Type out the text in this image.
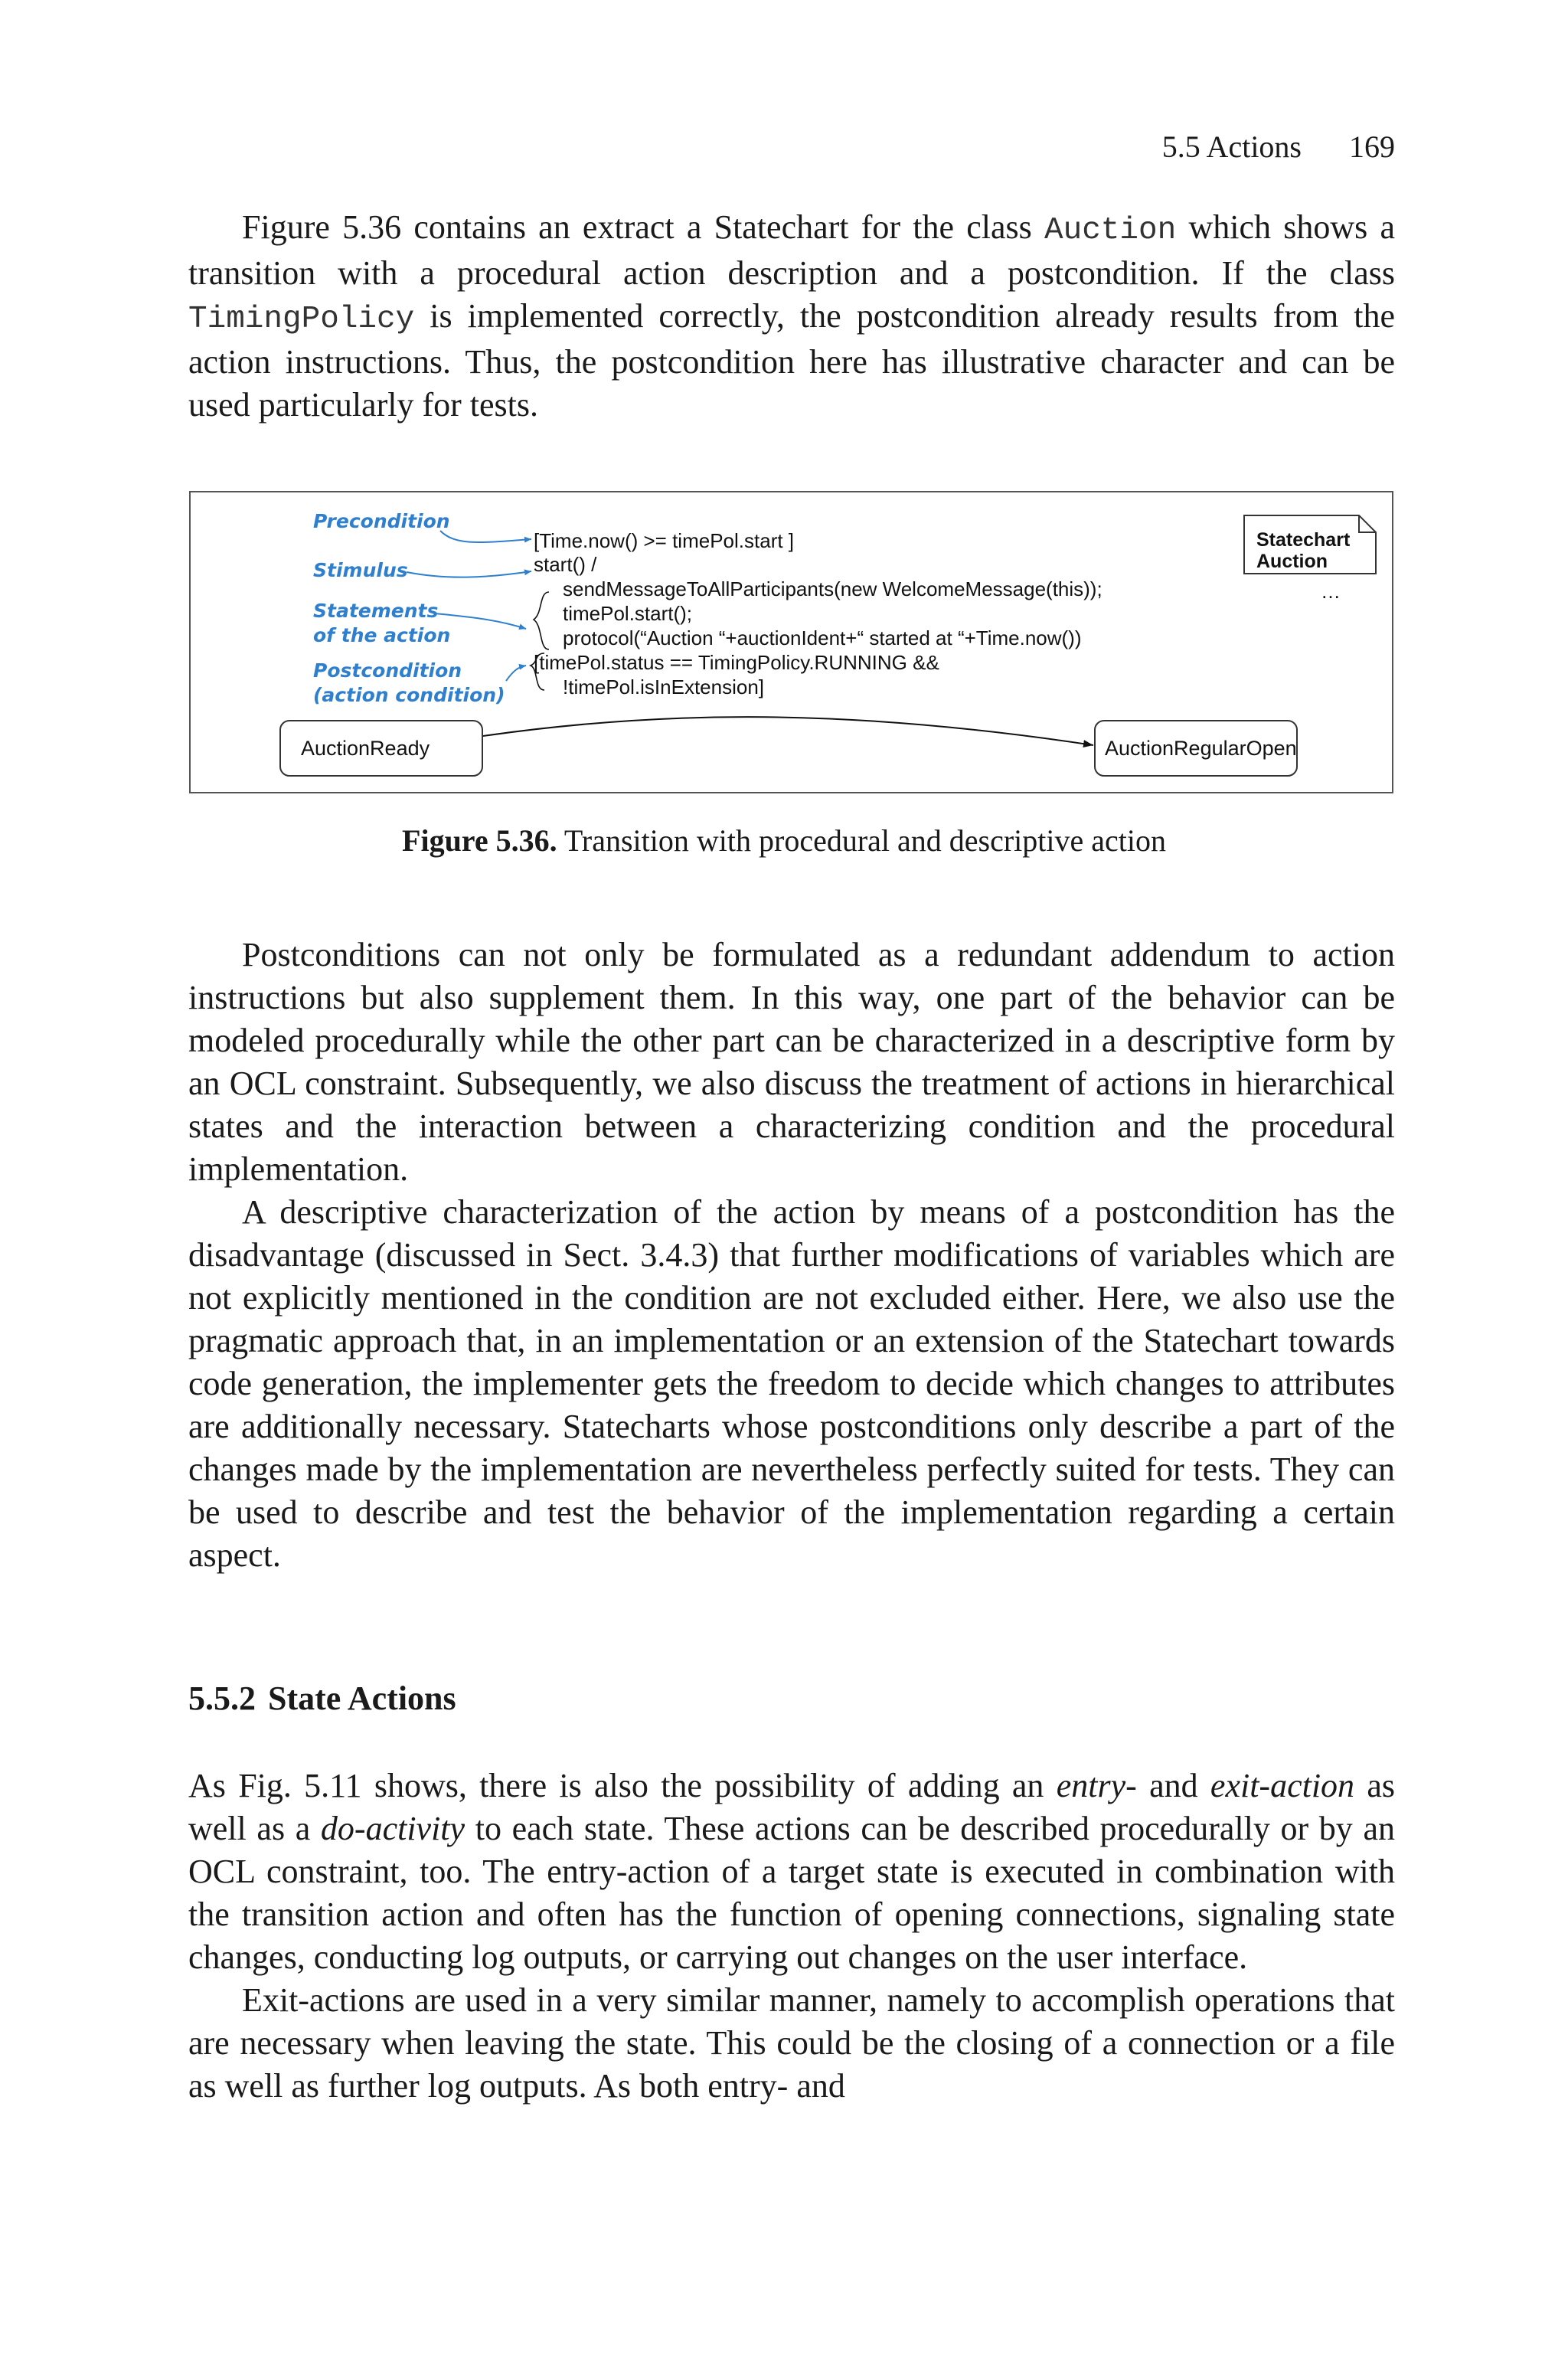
5.5 Actions 169

Figure 5.36 contains an extract a Statechart for the class Auction which shows a transition with a procedural action description and a postcondition. If the class TimingPolicy is implemented correctly, the postcondition already results from the action instructions. Thus, the postcondition here has illustrative character and can be used particularly for tests.

Precondition
Stimulus
Statements
of the action
Postcondition
(action condition)
[Time.now() >= timePol.start ]
start() /
sendMessageToAllParticipants(new WelcomeMessage(this));
timePol.start();
protocol(“Auction “+auctionIdent+“ started at “+Time.now())
[timePol.status == TimingPolicy.RUNNING &&
!timePol.isInExtension]
Statechart
Auction
…
AuctionReady	AuctionRegularOpen
Figure 5.36. Transition with procedural and descriptive action

Postconditions can not only be formulated as a redundant addendum to action instructions but also supplement them. In this way, one part of the behavior can be modeled procedurally while the other part can be characterized in a descriptive form by an OCL constraint. Subsequently, we also discuss the treatment of actions in hierarchical states and the interaction between a characterizing condition and the procedural implementation.

A descriptive characterization of the action by means of a postcondition has the disadvantage (discussed in Sect. 3.4.3) that further modifications of variables which are not explicitly mentioned in the condition are not excluded either. Here, we also use the pragmatic approach that, in an implementation or an extension of the Statechart towards code generation, the implementer gets the freedom to decide which changes to attributes are additionally necessary. Statecharts whose postconditions only describe a part of the changes made by the implementation are nevertheless perfectly suited for tests. They can be used to describe and test the behavior of the implementation regarding a certain aspect.

5.5.2 State Actions

As Fig. 5.11 shows, there is also the possibility of adding an entry- and exit-action as well as a do-activity to each state. These actions can be described procedurally or by an OCL constraint, too. The entry-action of a target state is executed in combination with the transition action and often has the function of opening connections, signaling state changes, conducting log outputs, or carrying out changes on the user interface.

Exit-actions are used in a very similar manner, namely to accomplish operations that are necessary when leaving the state. This could be the closing of a connection or a file as well as further log outputs. As both entry- and
